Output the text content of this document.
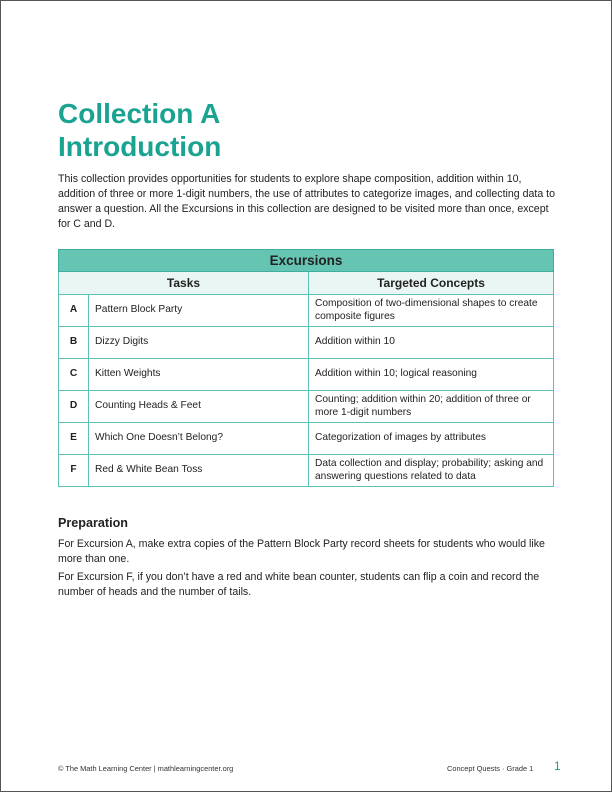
Collection A
Introduction

This collection provides opportunities for students to explore shape composition, addition within 10, addition of three or more 1-digit numbers, the use of attributes to categorize images, and collecting data to answer a question. All the Excursions in this collection are designed to be visited more than once, except for C and D.

Excursions		
Tasks		Targeted Concepts
A	Pattern Block Party	Composition of two-dimensional shapes to create composite figures
B	Dizzy Digits	Addition within 10
C	Kitten Weights	Addition within 10; logical reasoning
D	Counting Heads & Feet	Counting; addition within 20; addition of three or more 1-digit numbers
E	Which One Doesn’t Belong?	Categorization of images by attributes
F	Red & White Bean Toss	Data collection and display; probability; asking and answering questions related to data
Preparation

For Excursion A, make extra copies of the Pattern Block Party record sheets for students who would like more than one.

For Excursion F, if you don’t have a red and white bean counter, students can flip a coin and record the number of heads and the number of tails.

© The Math Learning Center | mathlearningcenter.org	Concept Quests · Grade 1 1
